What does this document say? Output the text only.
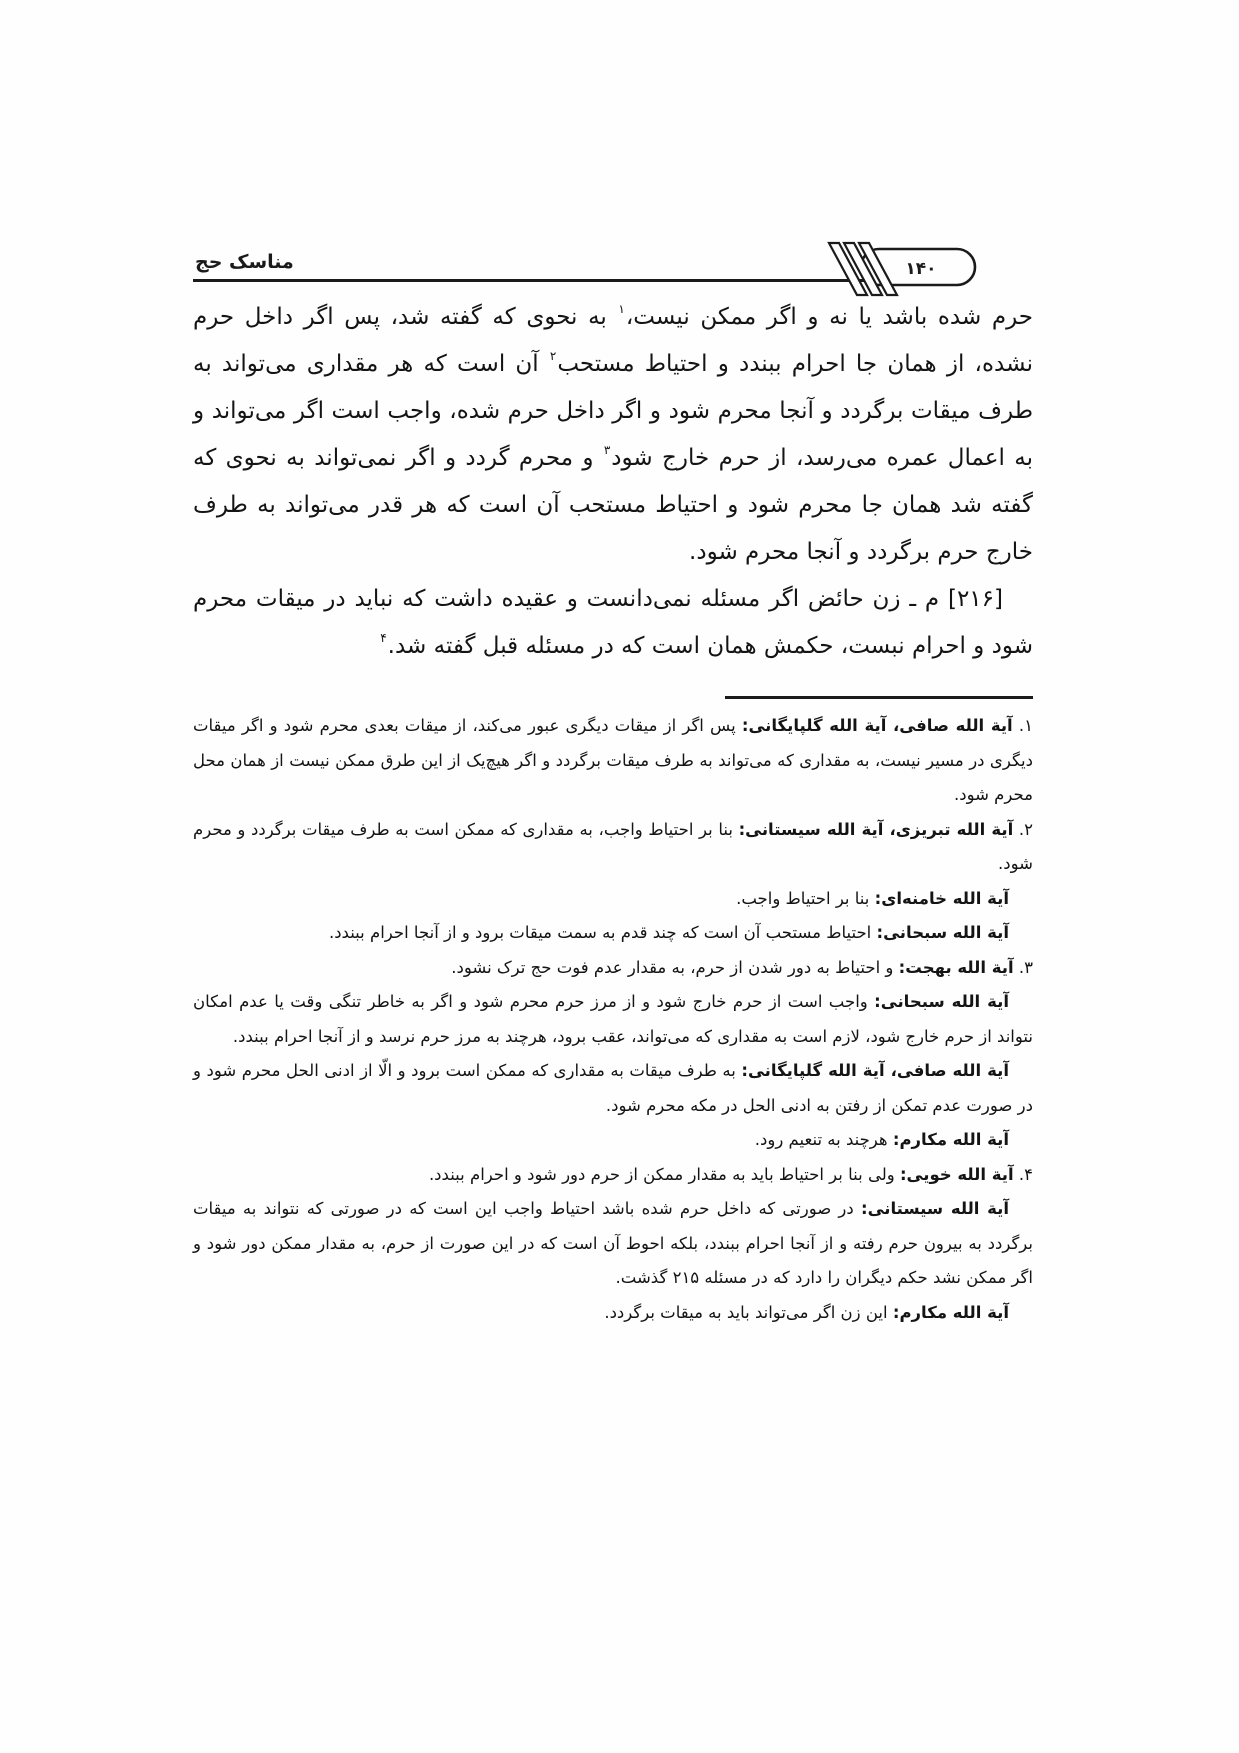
مناسک حج	۱۴۰

حرم شده باشد یا نه و اگر ممکن نیست،$^۱$ به نحوی که گفته شد، پس اگر داخل حرم نشده، از همان جا احرام ببندد و احتیاط مستحب$^۲$ آن است که هر مقداری می‌تواند به طرف میقات برگردد و آنجا محرم شود و اگر داخل حرم شده، واجب است اگر می‌تواند و به اعمال عمره می‌رسد، از حرم خارج شود$^۳$ و محرم گردد و اگر نمی‌تواند به نحوی که گفته شد همان جا محرم شود و احتیاط مستحب آن است که هر قدر می‌تواند به طرف خارج حرم برگردد و آنجا محرم شود.

[۲۱۶] م ـ زن حائض اگر مسئله نمی‌دانست و عقیده داشت که نباید در میقات محرم شود و احرام نبست، حکمش همان است که در مسئله قبل گفته شد.$^۴$

۱. آیة الله صافی، آیة الله گلپایگانی: پس اگر از میقات دیگری عبور می‌کند، از میقات بعدی محرم شود و اگر میقات دیگری در مسیر نیست، به مقداری که می‌تواند به طرف میقات برگردد و اگر هیچ‌یک از این طرق ممکن نیست از همان محل محرم شود.

۲. آیة الله تبریزی، آیة الله سیستانی: بنا بر احتیاط واجب، به مقداری که ممکن است به طرف میقات برگردد و محرم شود.

آیة الله خامنه‌ای: بنا بر احتیاط واجب.

آیة الله سبحانی: احتیاط مستحب آن است که چند قدم به سمت میقات برود و از آنجا احرام ببندد.

۳. آیة الله بهجت: و احتیاط به دور شدن از حرم، به مقدار عدم فوت حج ترک نشود.

آیة الله سبحانی: واجب است از حرم خارج شود و از مرز حرم محرم شود و اگر به خاطر تنگی وقت یا عدم امکان نتواند از حرم خارج شود، لازم است به مقداری که می‌تواند، عقب برود، هرچند به مرز حرم نرسد و از آنجا احرام ببندد.

آیة الله صافی، آیة الله گلپایگانی: به طرف میقات به مقداری که ممکن است برود و الّا از ادنی الحل محرم شود و در صورت عدم تمکن از رفتن به ادنی الحل در مکه محرم شود.

آیة الله مکارم: هرچند به تنعیم رود.

۴. آیة الله خویی: ولی بنا بر احتیاط باید به مقدار ممکن از حرم دور شود و احرام ببندد.

آیة الله سیستانی: در صورتی که داخل حرم شده باشد احتیاط واجب این است که در صورتی که نتواند به میقات برگردد به بیرون حرم رفته و از آنجا احرام ببندد، بلکه احوط آن است که در این صورت از حرم، به مقدار ممکن دور شود و اگر ممکن نشد حکم دیگران را دارد که در مسئله ۲۱۵ گذشت.

آیة الله مکارم: این زن اگر می‌تواند باید به میقات برگردد.
